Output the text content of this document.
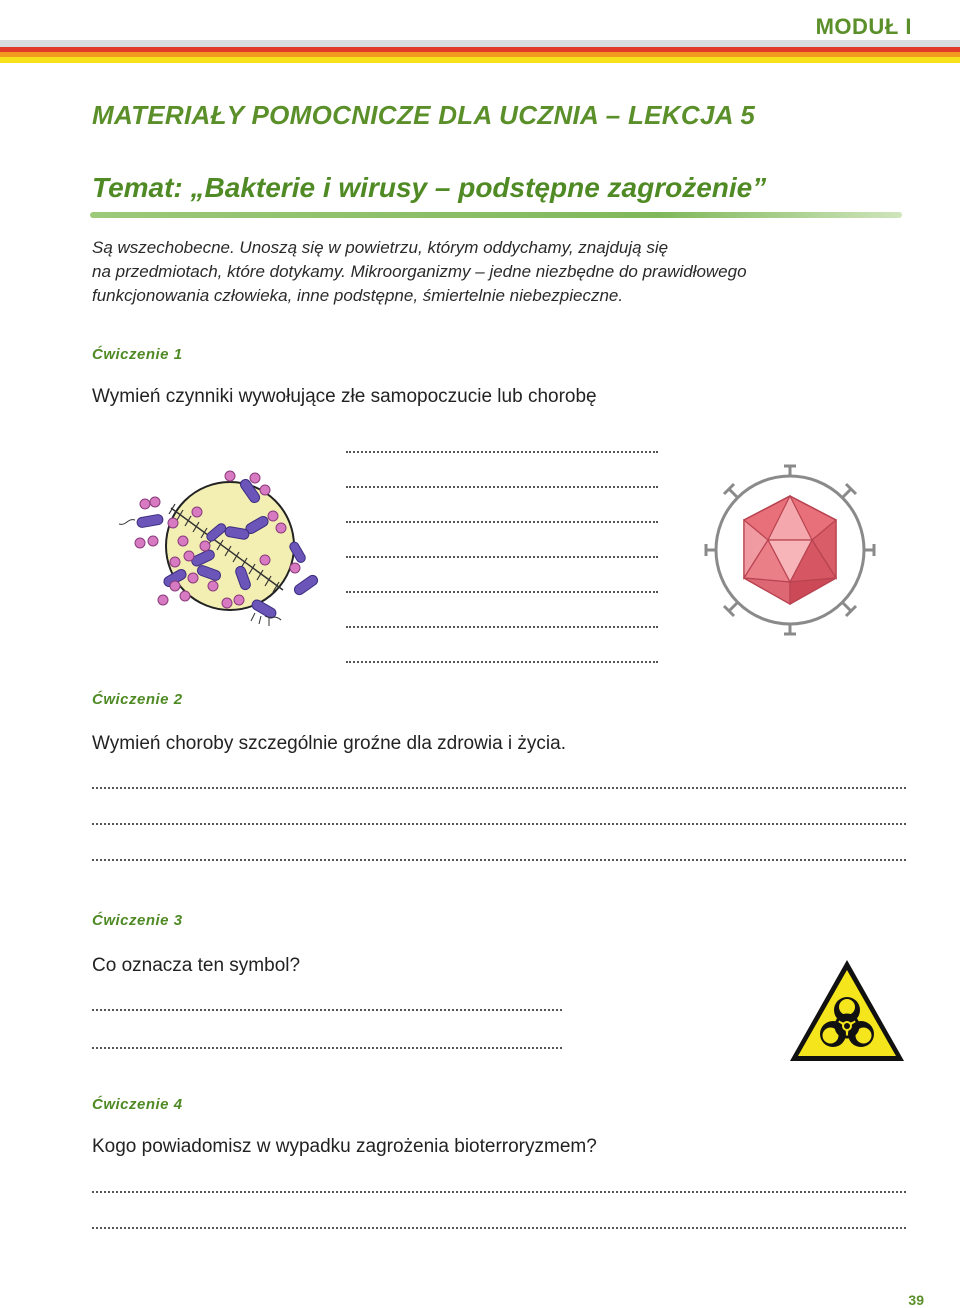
MODUŁ I
MATERIAŁY POMOCNICZE DLA UCZNIA – LEKCJA 5
Temat: „Bakterie i wirusy – podstępne zagrożenie”
Są wszechobecne. Unoszą się w powietrzu, którym oddychamy, znajdują się
na przedmiotach, które dotykamy. Mikroorganizmy – jedne niezbędne do prawidłowego
funkcjonowania człowieka, inne podstępne, śmiertelnie niebezpieczne.
Ćwiczenie 1
Wymień czynniki wywołujące złe samopoczucie lub chorobę
Ćwiczenie 2
Wymień choroby szczególnie groźne dla zdrowia i życia.
Ćwiczenie 3
Co oznacza ten symbol?
Ćwiczenie 4
Kogo powiadomisz w wypadku zagrożenia bioterroryzmem?
39
